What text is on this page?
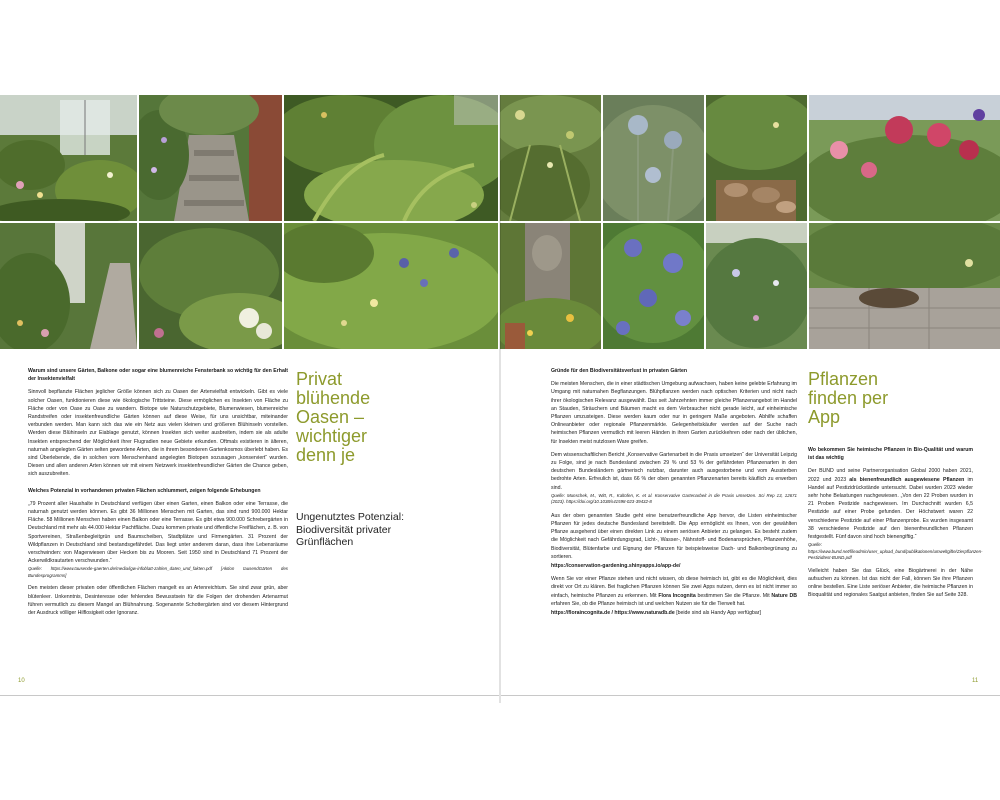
Warum sind unsere Gärten, Balkone oder sogar eine blumenreiche Fensterbank so wichtig für den Erhalt der Insektenvielfalt

Sinnvoll bepflanzte Flächen jeglicher Größe können sich zu Oasen der Artenvielfalt entwickeln. Gibt es viele solcher Oasen, funktionieren diese wie ökologische Trittsteine. Diese ermöglichen es Insekten von Fläche zu Fläche oder von Oase zu Oase zu wandern. Biotope wie Naturschutzgebiete, Blumenwiesen, blumenreiche Randstreifen oder insektenfreundliche Gärten können auf diese Weise, für uns unsichtbar, miteinander verbunden werden. Man kann sich das wie ein Netz aus vielen kleinen und größeren Blühinseln vorstellen. Werden diese Blühinseln zur Eiablage genutzt, können Insekten sich weiter ausbreiten, indem sie als adulte Insekten entsprechend der Möglichkeit ihrer Flugradien neue Gebiete erkunden. Oftmals existieren in älteren, naturnah angelegten Gärten selten gewordene Arten, die in ihrem besonderen Gartenkosmos überlebt haben. Es sind Überlebende, die in solchen vom Menschenhand angelegten Biotopen sozusagen „konserviert“ wurden. Diesen und allen anderen Arten können wir mit einem Netzwerk insektenfreundlicher Gärten die Chance geben, sich auszubreiten.

Welches Potenzial in vorhandenen privaten Flächen schlummert, zeigen folgende Erhebungen

„79 Prozent aller Haushalte in Deutschland verfügen über einen Garten, einen Balkon oder eine Terrasse, die naturnah genutzt werden können. Es gibt 36 Millionen Menschen mit Garten, das sind rund 900.000 Hektar Fläche. 58 Millionen Menschen haben einen Balkon oder eine Terrasse. Es gibt etwa 900.000 Schrebergärten in Deutschland mit mehr als 44.000 Hektar Pachtfläche. Dazu kommen private und öffentliche Freiflächen, z. B. von Sportvereinen, Straßenbegleitgrün und Baumscheiben, Stadtplätze und Firmengärten. 31 Prozent der Wildpflanzen in Deutschland sind bestandsgefährdet. Das liegt unter anderem daran, dass ihre Lebensräume verschwinden: von Magerwiesen über Hecken bis zu Mooren. Seit 1950 sind in Deutschland 71 Prozent der Ackerwildkrautarten verschwunden.“

Quelle: https://www.tausende-gaerten.de/media/igw-infoblatt-zahlen_daten_und_fakten.pdf [Aktion tausendGärten des Bundesprogramms]

Den meisten dieser privaten oder öffentlichen Flächen mangelt es an Artenreichtum. Sie sind zwar grün, aber blütenleer. Unkenntnis, Desinteresse oder fehlendes Bewusstsein für die Folgen der drohenden Artenarmut führen vermutlich zu diesem Mangel an Blühnahrung. Sogenannte Schottergärten sind vor diesem Hintergrund der Ausdruck völliger Hilflosigkeit oder Ignoranz.

Privat blühende Oasen – wichtiger denn je
Ungenutztes Potenzial: Biodiversität privater Grünflächen
10

Gründe für den Biodiversitätsverlust in privaten Gärten

Die meisten Menschen, die in einer städtischen Umgebung aufwachsen, haben keine gelebte Erfahrung im Umgang mit naturnahen Begflanzungen. Blühpflanzen werden nach optischen Kriterien und nicht nach ihrer ökologischen Relevanz ausgewählt. Das seit Jahrzehnten immer gleiche Pflanzenangebot im Handel an Stauden, Sträuchern und Bäumen macht es dem Verbraucher nicht gerade leicht, auf einheimische Pflanzen umzusteigen. Diese werden kaum oder nur in geringem Maße angeboten. Abhilfe schaffen Onlineanbieter oder regionale Pflanzenmärkte. Gelegenheitskäufer werden auf der Suche nach heimischen Pflanzen vermutlich mit leeren Händen in ihren Garten zurückkehren oder nach der üblichen, für Insekten meist nutzlosen Ware greifen.

Dem wissenschaftlichen Bericht „Konservative Gartenarbeit in die Praxis umsetzen“ der Universität Leipzig zu Folge, sind je nach Bundesland zwischen 29 % und 53 % der gefährdeten Pflanzenarten in den deutschen Bundesländern gärtnerisch nutzbar, darunter auch ausgestorbene und vom Aussterben bedrohte Arten. Erfreulich ist, dass 66 % der oben genannten Pflanzenarten bereits käuflich zu erwerben sind.

Quelle: Munschek, M., Witt, R., Kaltofen, K. et al. Konservative Gartenarbeit in die Praxis umsetzen. Sci Rep 13, 12671 (2023). https://doi.org/10.1038/s41598-023-39432-8

Aus der oben genannten Studie geht eine benutzerfreundliche App hervor, die Listen einheimischer Pflanzen für jedes deutsche Bundesland bereitstellt. Die App ermöglicht es Ihnen, von der gewählten Pflanze ausgehend über einen direkten Link zu einem seriösen Anbieter zu gelangen. Es besteht zudem die Möglichkeit nach Gefährdungsgrad, Licht-, Wasser-, Nährstoff- und Bodenansprüchen, Pflanzenhöhe, Biodiversität, Blütenfarbe und Eignung der Pflanzen für beispielsweise Dach- und Balkonbegrünung zu sortieren.

https://conservation-gardening.shinyapps.io/app-de/

Wenn Sie vor einer Pflanze stehen und nicht wissen, ob diese heimisch ist, gibt es die Möglichkeit, dies direkt vor Ort zu klären. Bei fraglichen Pflanzen können Sie zwei Apps nutzen, denn es ist nicht immer so einfach, heimische Pflanzen zu erkennen. Mit Flora Incognita bestimmen Sie die Pflanze. Mit Nature DB erfahren Sie, ob die Pflanze heimisch ist und welchen Nutzen sie für die Tierwelt hat.

https://floraincognita.de / https://www.naturadb.de [beide sind als Handy App verfügbar]

Pflanzen finden per App

Wo bekommen Sie heimische Pflanzen in Bio-Qualität und warum ist das wichtig

Der BUND und seine Partnerorganisation Global 2000 haben 2021, 2022 und 2023 als bienenfreundlich ausgewiesene Pflanzen im Handel auf Pestizidrückstände untersucht. Dabei wurden 2023 wieder sehr hohe Belastungen nachgewiesen. „Von den 22 Proben wurden in 21 Proben Pestizide nachgewiesen. Im Durchschnitt wurden 6,5 Pestizide auf einer Probe gefunden. Der Höchstwert waren 22 verschiedene Pestizide auf einer Pflanzenprobe. Es wurden insgesamt 38 verschiedene Pestizide auf den bienenfreundlichen Pflanzen festgestellt. Fünf davon sind hoch bienengiftig.“

Quelle: https://www.bund.net/fileadmin/user_upload_bund/publikationen/umweltgifte/Zierpflanzen-Pestizidtest-BUND.pdf

Vielleicht haben Sie das Glück, eine Biogärtnerei in der Nähe aufsuchen zu können. Ist das nicht der Fall, können Sie ihre Pflanzen online bestellen. Eine Liste seriöser Anbieter, die heimische Pflanzen in Bioqualität und regionales Saatgut anbieten, finden Sie auf Seite 328.

11
